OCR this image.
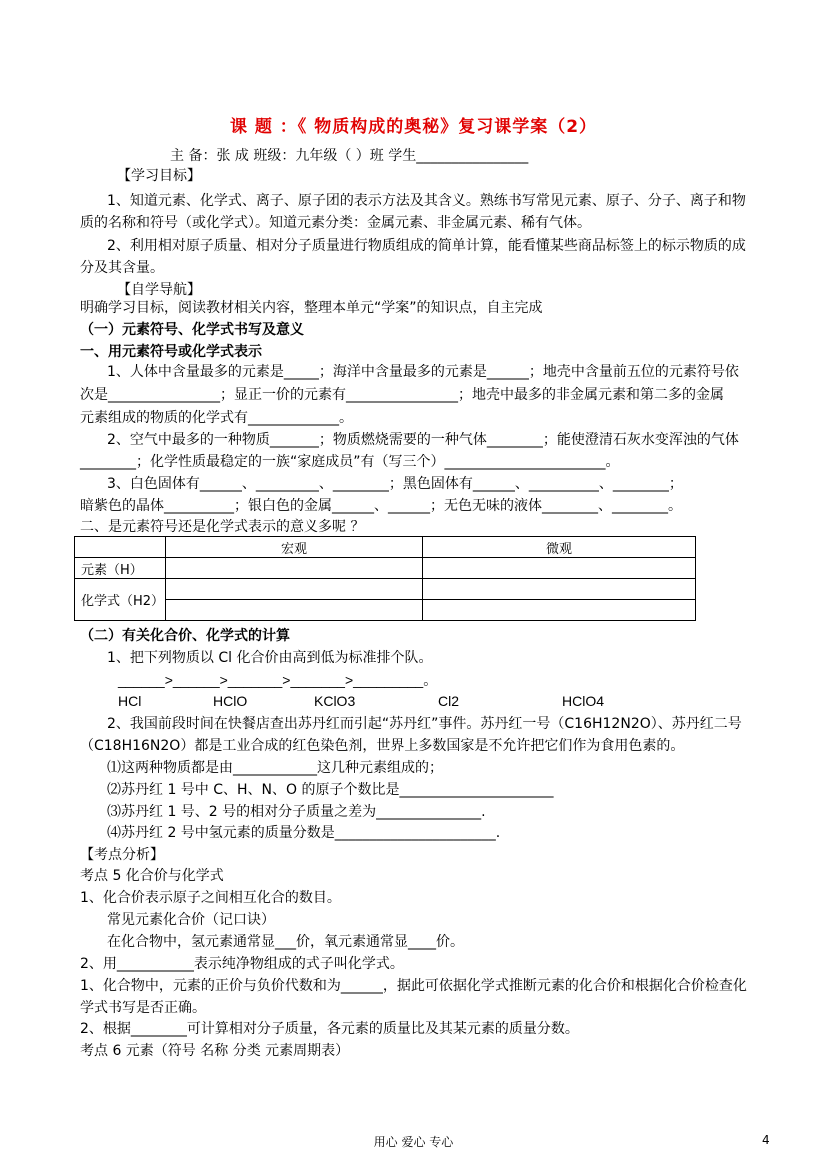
课 题 ：《 物质构成的奥秘》复习课学案（2）
主 备：张 成 班级：九年级（ ）班 学生________________
【学习目标】
1、知道元素、化学式、离子、原子团的表示方法及其含义。熟练书写常见元素、原子、分子、离子和物
质的名称和符号（或化学式）。知道元素分类：金属元素、非金属元素、稀有气体。
2、利用相对原子质量、相对分子质量进行物质组成的简单计算，能看懂某些商品标签上的标示物质的成
分及其含量。
【自学导航】
明确学习目标，阅读教材相关内容，整理本单元“学案”的知识点，自主完成
（一）元素符号、化学式书写及意义
一、用元素符号或化学式表示
1、人体中含量最多的元素是_____；海洋中含量最多的元素是______；地壳中含量前五位的元素符号依
次是________________；显正一价的元素有________________；地壳中最多的非金属元素和第二多的金属
元素组成的物质的化学式有_____________。
2、空气中最多的一种物质_______；物质燃烧需要的一种气体________；能使澄清石灰水变浑浊的气体
________；化学性质最稳定的一族“家庭成员”有（写三个）_______________________。
3、白色固体有______、_________、________；黑色固体有______、__________、________；
暗紫色的晶体__________；银白色的金属______、______；无色无味的液体________、________。
二、是元素符号还是化学式表示的意义多呢 ？
	宏观	微观
元素（H）		
化学式（H2）		

（二）有关化合价、化学式的计算
1、把下列物质以 Cl 化合价由高到低为标准排个队。
______>______>_______>_______>_________。
HCl	HClO	KClO3	Cl2	HClO4
2、我国前段时间在快餐店查出苏丹红而引起“苏丹红”事件。苏丹红一号（C16H12N2O）、苏丹红二号
（C18H16N2O）都是工业合成的红色染色剂，世界上多数国家是不允许把它们作为食用色素的。
⑴这两种物质都是由____________这几种元素组成的；
⑵苏丹红 1 号中 C、H、N、O 的原子个数比是______________________
⑶苏丹红 1 号、2 号的相对分子质量之差为_______________.
⑷苏丹红 2 号中氢元素的质量分数是_______________________.
【考点分析】
考点 5 化合价与化学式
1、化合价表示原子之间相互化合的数目。
常见元素化合价（记口诀）
在化合物中，氢元素通常显___价，氧元素通常显____价。
2、用___________表示纯净物组成的式子叫化学式。
1、化合物中，元素的正价与负价代数和为______，据此可依据化学式推断元素的化合价和根据化合价检查化
学式书写是否正确。
2、根据________可计算相对分子质量，各元素的质量比及其某元素的质量分数。
考点 6 元素（符号 名称 分类 元素周期表）
用心 爱心 专心	4
